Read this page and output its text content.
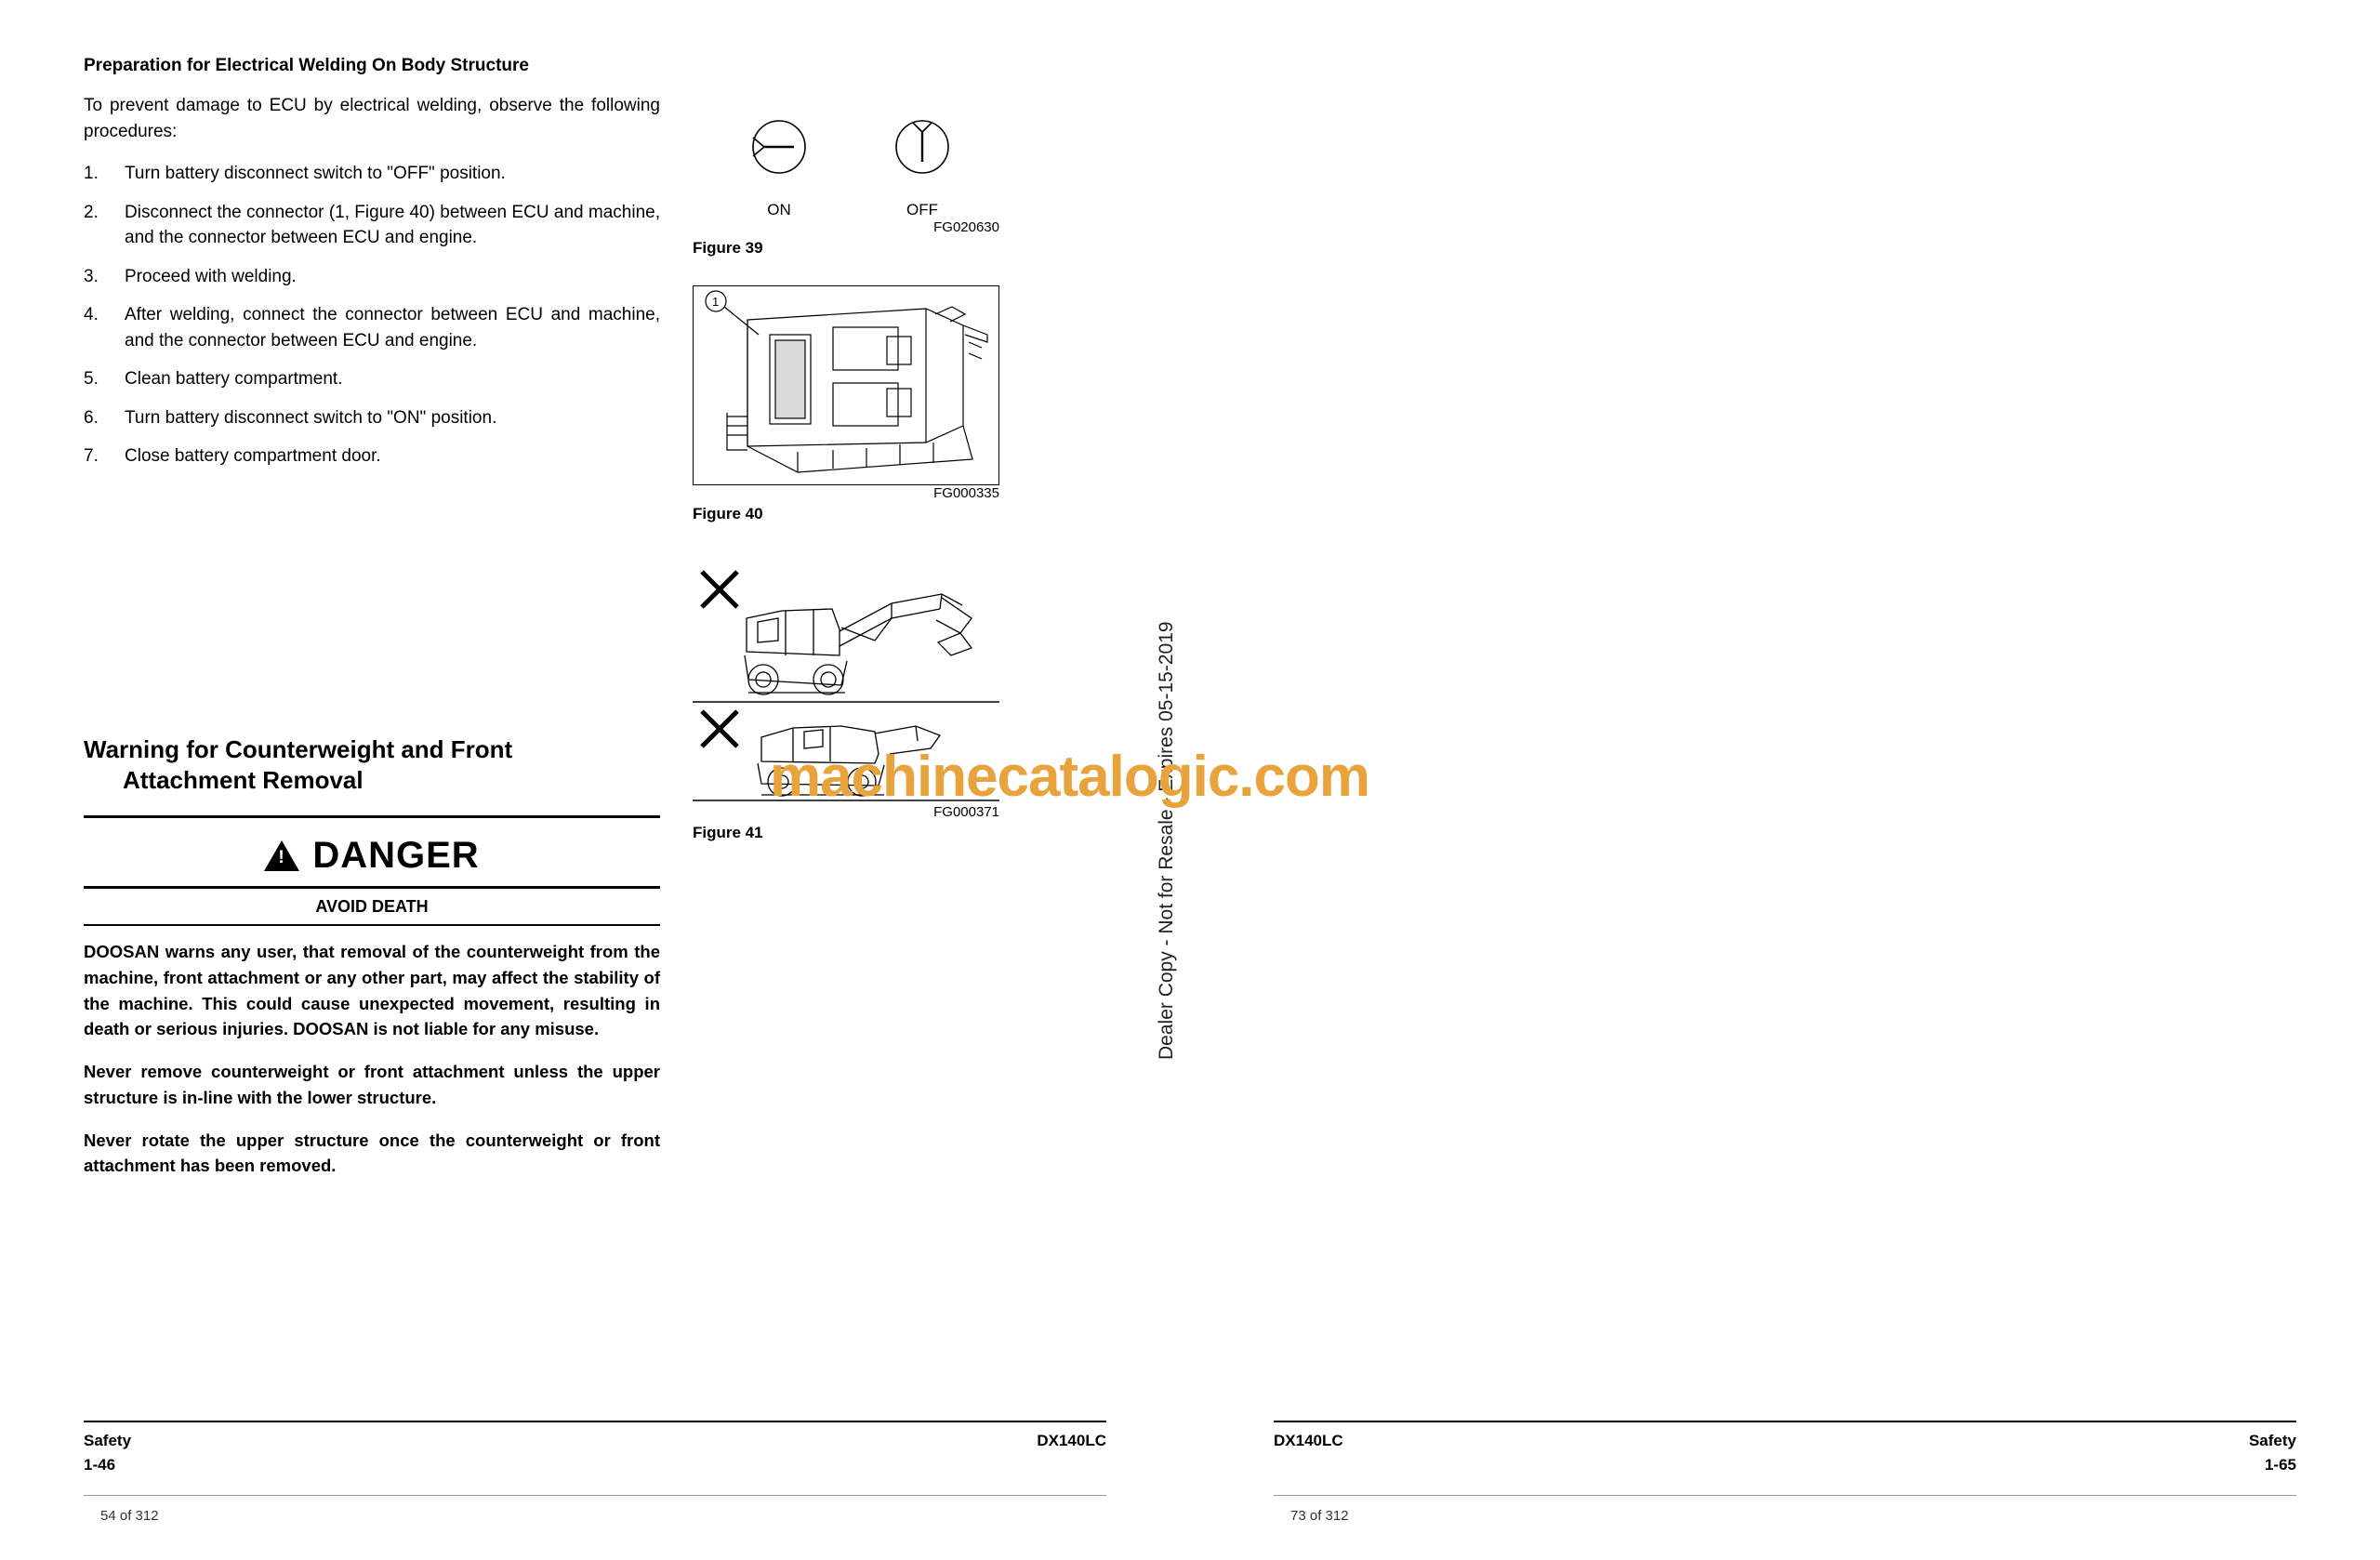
Preparation for Electrical Welding On Body Structure

To prevent damage to ECU by electrical welding, observe the following procedures:

1.	Turn battery disconnect switch to "OFF" position.
2.	Disconnect the connector (1, Figure 40) between ECU and machine, and the connector between ECU and engine.
3.	Proceed with welding.
4.	After welding, connect the connector between ECU and machine, and the connector between ECU and engine.
5.	Clean battery compartment.
6.	Turn battery disconnect switch to "ON" position.
7.	Close battery compartment door.
Warning for Counterweight and Front
Attachment Removal
!
DANGER
AVOID DEATH

DOOSAN warns any user, that removal of the counterweight from the machine, front attachment or any other part, may affect the stability of the machine. This could cause unexpected movement, resulting in death or serious injuries. DOOSAN is not liable for any misuse.

Never remove counterweight or front attachment unless the upper structure is in-line with the lower structure.

Never rotate the upper structure once the counterweight or front attachment has been removed.

ON	OFF
FG020630
Figure 39
1
FG000335
Figure 40
FG000371
Figure 41	Dealer Copy - Not for Resale - Expires 05-15-2019
Safety
1-46
DX140LC
54 of 312

DX140LC	Safety
1-65
73 of 312
machinecatalogic.com
